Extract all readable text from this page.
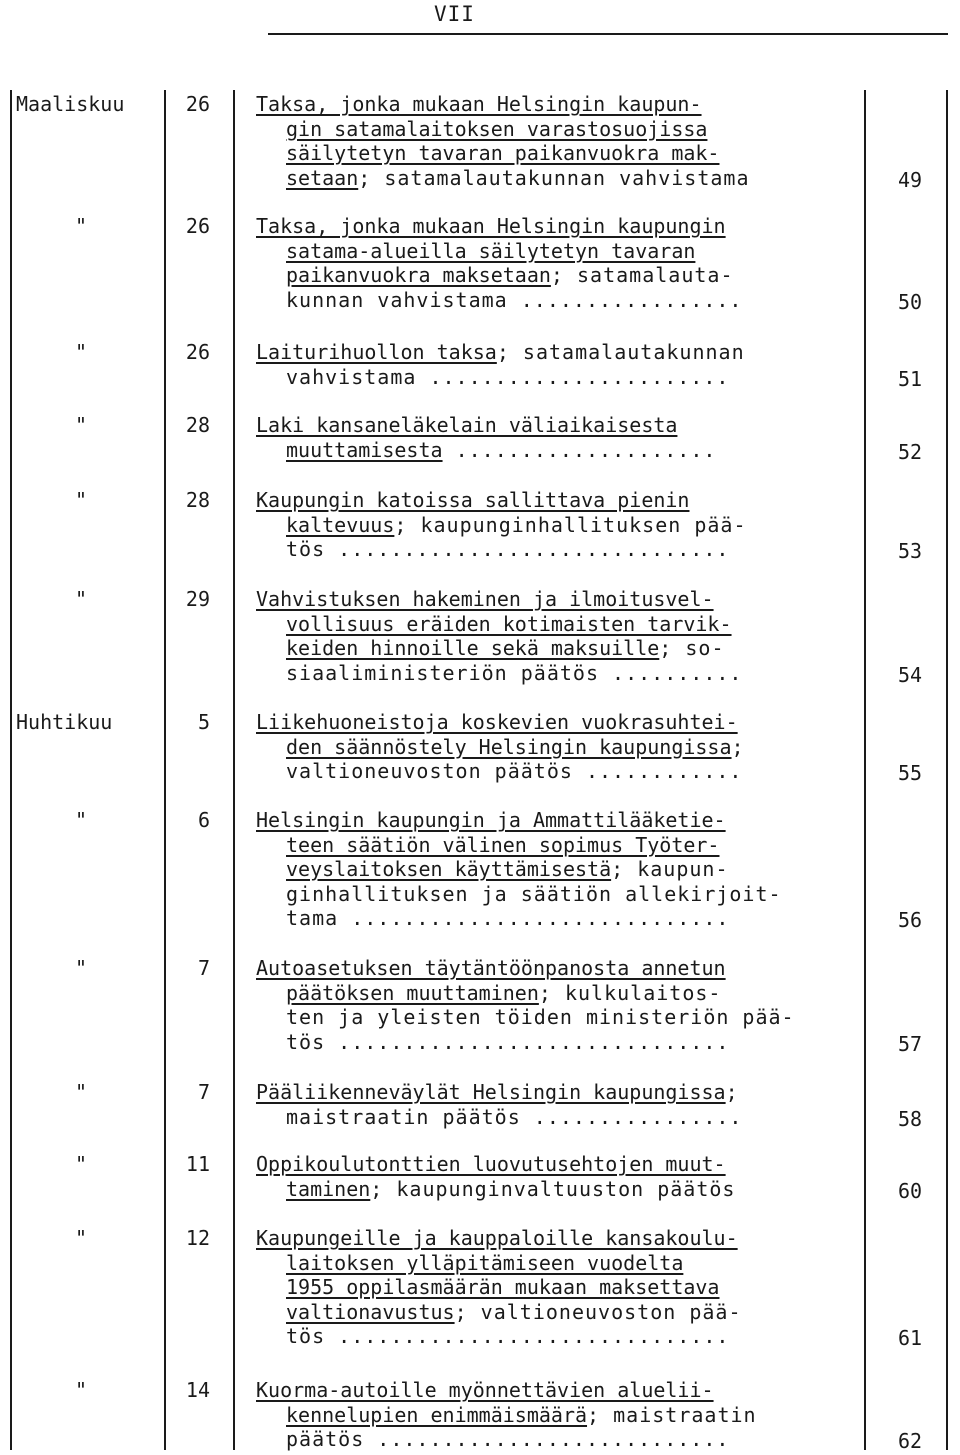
VII
Maaliskuu	26 Taksa, jonka mukaan Helsingin kaupun-
gin satamalaitoksen varastosuojissa
säilytetyn tavaran paikanvuokra mak-
setaan; satamalautakunnan vahvistama	49
"	26 Taksa, jonka mukaan Helsingin kaupungin
satama-alueilla säilytetyn tavaran
paikanvuokra maksetaan; satamalauta-
kunnan vahvistama .................	50
"	26 Laiturihuollon taksa; satamalautakunnan
vahvistama .......................	51
"	28 Laki kansaneläkelain väliaikaisesta
muuttamisesta ....................	52
"	28 Kaupungin katoissa sallittava pienin
kaltevuus; kaupunginhallituksen pää-
tös ..............................	53
"	29 Vahvistuksen hakeminen ja ilmoitusvel-
vollisuus eräiden kotimaisten tarvik-
keiden hinnoille sekä maksuille; so-
siaaliministeriön päätös ..........	54
Huhtikuu	5 Liikehuoneistoja koskevien vuokrasuhtei-
den säännöstely Helsingin kaupungissa;
valtioneuvoston päätös ............	55
"	6 Helsingin kaupungin ja Ammattilääketie-
teen säätiön välinen sopimus Työter-
veyslaitoksen käyttämisestä; kaupun-
ginhallituksen ja säätiön allekirjoit-
tama .............................	56
"	7 Autoasetuksen täytäntöönpanosta annetun
päätöksen muuttaminen; kulkulaitos-
ten ja yleisten töiden ministeriön pää-
tös ..............................	57
"	7 Pääliikenneväylät Helsingin kaupungissa;
maistraatin päätös ................	58
"	11 Oppikoulutonttien luovutusehtojen muut-
taminen; kaupunginvaltuuston päätös	60
"	12 Kaupungeille ja kauppaloille kansakoulu-
laitoksen ylläpitämiseen vuodelta
1955 oppilasmäärän mukaan maksettava
valtionavustus; valtioneuvoston pää-
tös ..............................	61
"	14 Kuorma-autoille myönnettävien aluelii-
kennelupien enimmäismäärä; maistraatin
päätös ...........................	62
